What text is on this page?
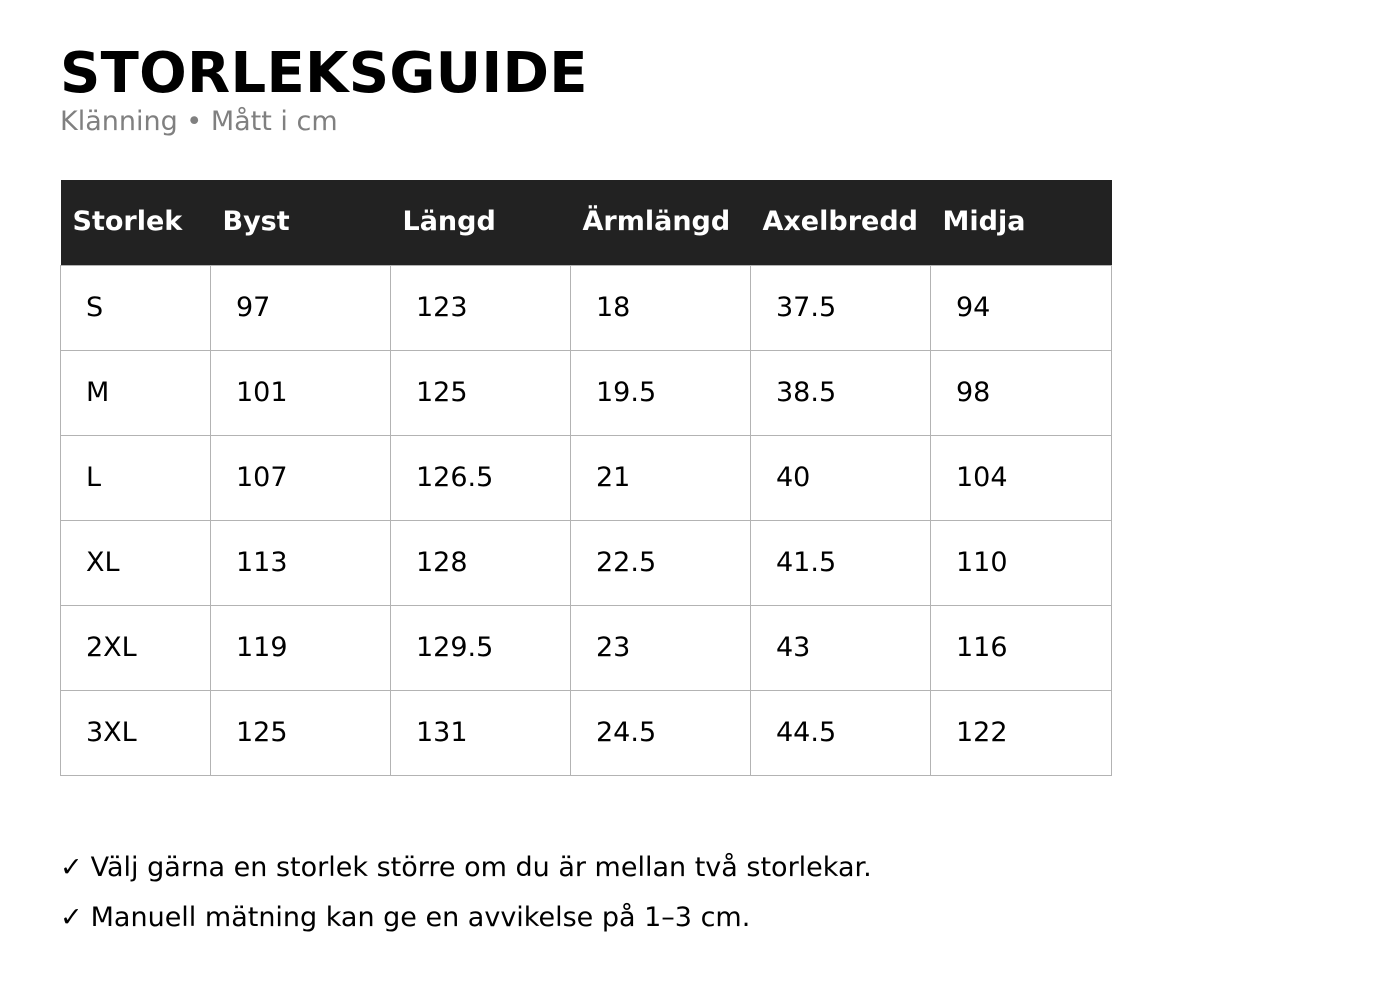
STORLEKSGUIDE
Klänning • Mått i cm
Storlek	Byst	Längd	Ärmlängd	Axelbredd	Midja
S	97	123	18	37.5	94
M	101	125	19.5	38.5	98
L	107	126.5	21	40	104
XL	113	128	22.5	41.5	110
2XL	119	129.5	23	43	116
3XL	125	131	24.5	44.5	122
✓ Välj gärna en storlek större om du är mellan två storlekar.
✓ Manuell mätning kan ge en avvikelse på 1–3 cm.
